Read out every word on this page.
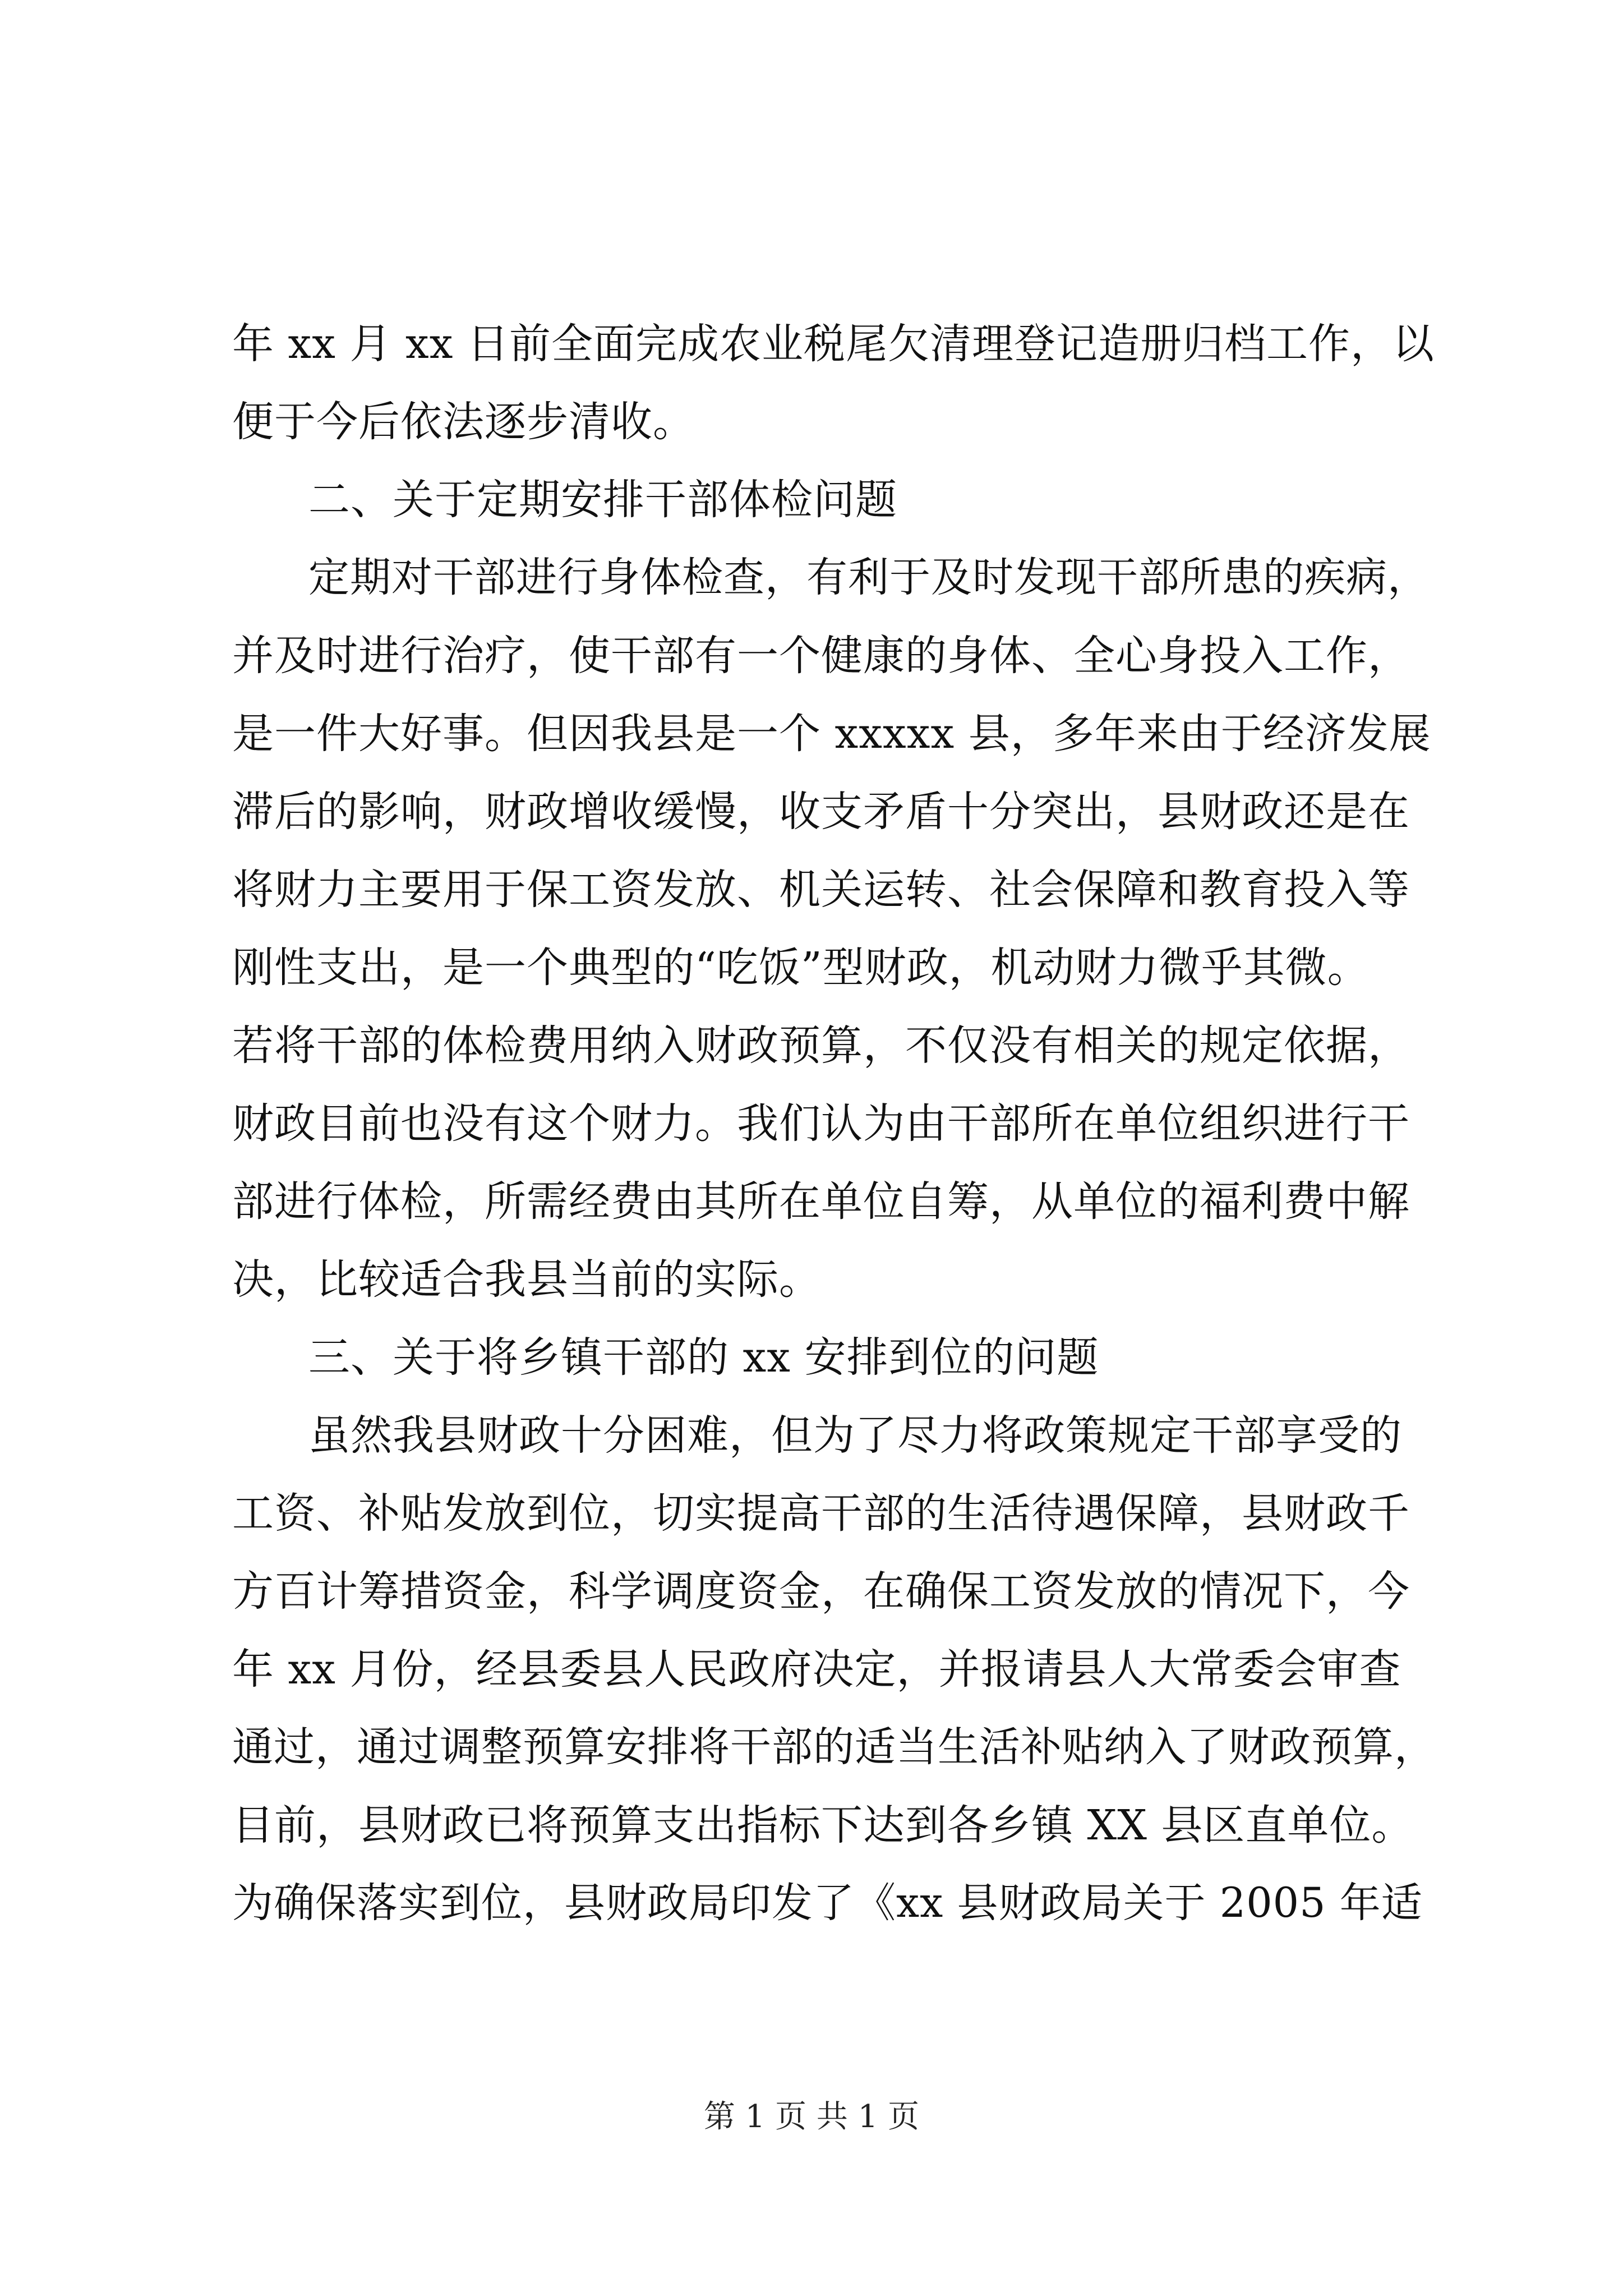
年 xx 月 xx 日前全面完成农业税尾欠清理登记造册归档工作，以
便于今后依法逐步清收。
二、关于定期安排干部体检问题
定期对干部进行身体检查，有利于及时发现干部所患的疾病，
并及时进行治疗，使干部有一个健康的身体、全心身投入工作，
是一件大好事。但因我县是一个 xxxxx 县，多年来由于经济发展
滞后的影响，财政增收缓慢，收支矛盾十分突出，县财政还是在
将财力主要用于保工资发放、机关运转、社会保障和教育投入等
刚性支出，是一个典型的“吃饭”型财政，机动财力微乎其微。
若将干部的体检费用纳入财政预算，不仅没有相关的规定依据，
财政目前也没有这个财力。我们认为由干部所在单位组织进行干
部进行体检，所需经费由其所在单位自筹，从单位的福利费中解
决，比较适合我县当前的实际。
三、关于将乡镇干部的 xx 安排到位的问题
虽然我县财政十分困难，但为了尽力将政策规定干部享受的
工资、补贴发放到位，切实提高干部的生活待遇保障，县财政千
方百计筹措资金，科学调度资金，在确保工资发放的情况下，今
年 xx 月份，经县委县人民政府决定，并报请县人大常委会审查
通过，通过调整预算安排将干部的适当生活补贴纳入了财政预算，
目前，县财政已将预算支出指标下达到各乡镇 XX 县区直单位。
为确保落实到位，县财政局印发了《xx 县财政局关于 2005 年适
第 1 页 共 1 页
